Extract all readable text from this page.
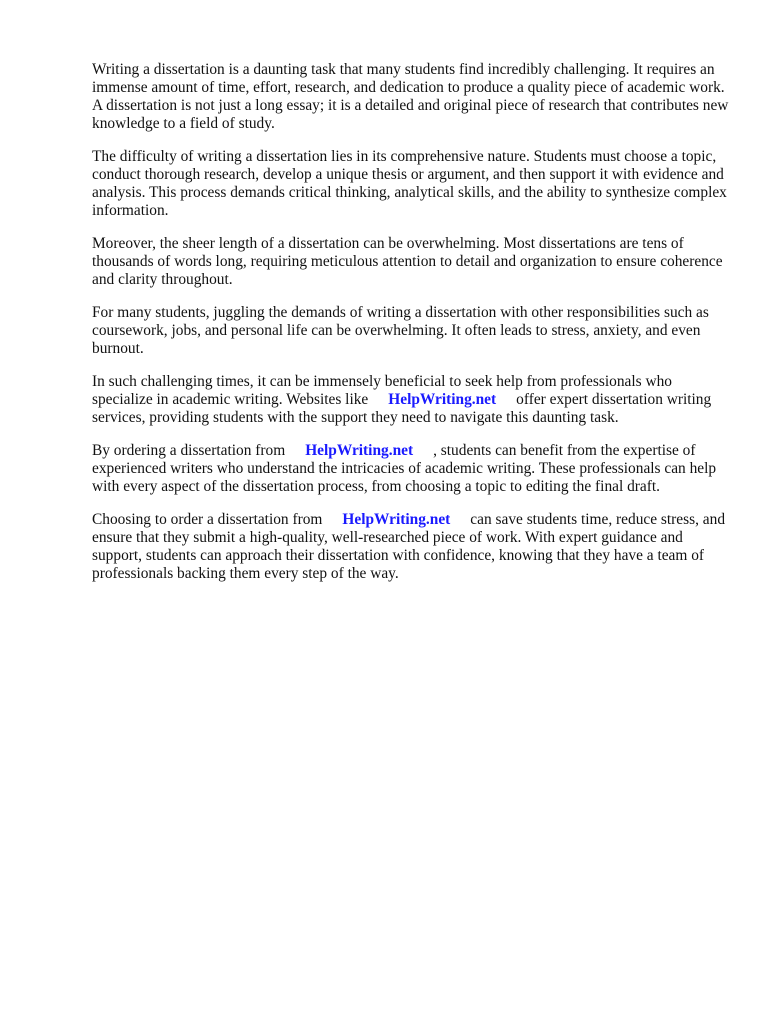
Writing a dissertation is a daunting task that many students find incredibly challenging. It requires an immense amount of time, effort, research, and dedication to produce a quality piece of academic work. A dissertation is not just a long essay; it is a detailed and original piece of research that contributes new knowledge to a field of study.

The difficulty of writing a dissertation lies in its comprehensive nature. Students must choose a topic, conduct thorough research, develop a unique thesis or argument, and then support it with evidence and analysis. This process demands critical thinking, analytical skills, and the ability to synthesize complex information.

Moreover, the sheer length of a dissertation can be overwhelming. Most dissertations are tens of thousands of words long, requiring meticulous attention to detail and organization to ensure coherence and clarity throughout.

For many students, juggling the demands of writing a dissertation with other responsibilities such as coursework, jobs, and personal life can be overwhelming. It often leads to stress, anxiety, and even burnout.

In such challenging times, it can be immensely beneficial to seek help from professionals who specialize in academic writing. Websites like HelpWriting.net offer expert dissertation writing services, providing students with the support they need to navigate this daunting task.

By ordering a dissertation from HelpWriting.net , students can benefit from the expertise of experienced writers who understand the intricacies of academic writing. These professionals can help with every aspect of the dissertation process, from choosing a topic to editing the final draft.

Choosing to order a dissertation from HelpWriting.net can save students time, reduce stress, and ensure that they submit a high-quality, well-researched piece of work. With expert guidance and support, students can approach their dissertation with confidence, knowing that they have a team of professionals backing them every step of the way.
